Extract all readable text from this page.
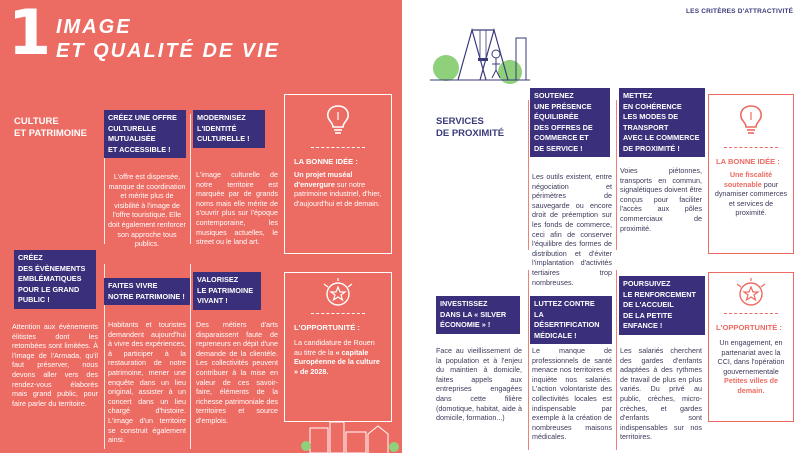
1 IMAGE
ET QUALITÉ DE VIE
CULTURE
ET PATRIMOINE
CRÉEZ UNE OFFRE
CULTURELLE
MUTUALISÉE
ET ACCESSIBLE !
MODERNISEZ
L'IDENTITÉ
CULTURELLE !
L'offre est dispersée, manque de coordination et mérite plus de visibilité à l'image de l'offre touristique. Elle doit également renforcer son approche tous publics.
L'image culturelle de notre territoire est marquée par de grands noms mais elle mérite de s'ouvrir plus sur l'époque contemporaine, les musiques actuelles, le street ou le land art.
LA BONNE IDÉE :
Un projet muséal d'envergure sur notre patrimoine industriel, d'hier, d'aujourd'hui et de demain.
CRÉEZ
DES ÉVÈNEMENTS
EMBLÉMATIQUES
POUR LE GRAND
PUBLIC !
FAITES VIVRE
NOTRE PATRIMOINE !
VALORISEZ
LE PATRIMOINE
VIVANT !
Attention aux évènements élitistes dont les retombées sont limitées. À l'image de l'Armada, qu'il faut préserver, nous devons aller vers des rendez-vous élaborés mais grand public, pour faire parler du territoire.
Habitants et touristes demandent aujourd'hui à vivre des expériences, à participer à la restauration de notre patrimoine, mener une enquête dans un lieu original, assister à un concert dans un lieu chargé d'histoire. L'image d'un territoire se construit également ainsi.
Des métiers d'arts disparaissent faute de repreneurs en dépit d'une demande de la clientèle. Les collectivités peuvent contribuer à la mise en valeur de ces savoir-faire, éléments de la richesse patrimoniale des territoires et source d'emplois.
L'OPPORTUNITÉ :
La candidature de Rouen au titre de la « capitale Européenne de la culture » de 2028.
LES CRITÈRES D'ATTRACTIVITÉ
SERVICES
DE PROXIMITÉ
SOUTENEZ
UNE PRÉSENCE
ÉQUILIBRÉE
DES OFFRES DE
COMMERCE ET
DE SERVICE !
METTEZ
EN COHÉRENCE
LES MODES DE
TRANSPORT
AVEC LE COMMERCE
DE PROXIMITÉ !
Les outils existent, entre négociation et périmètres de sauvegarde ou encore droit de préemption sur les fonds de commerce, ceci afin de conserver l'équilibre des formes de distribution et d'éviter l'implantation d'activités tertiaires trop nombreuses.
Voies piétonnes, transports en commun, signalétiques doivent être conçus pour faciliter l'accès aux pôles commerciaux de proximité.
LA BONNE IDÉE :
Une fiscalité soutenable pour dynamiser commerces et services de proximité.
INVESTISSEZ
DANS LA « SILVER
ÉCONOMIE » !
LUTTEZ CONTRE
LA DÉSERTIFICATION
MÉDICALE !
POURSUIVEZ
LE RENFORCEMENT
DE L'ACCUEIL
DE LA PETITE
ENFANCE !
Face au vieillissement de la population et à l'enjeu du maintien à domicile, faites appels aux entreprises engagées dans cette filière (domotique, habitat, aide à domicile, formation...)
Le manque de professionnels de santé menace nos territoires et inquiète nos salariés. L'action volontariste des collectivités locales est indispensable par exemple à la création de nombreuses maisons médicales.
Les salariés cherchent des gardes d'enfants adaptées à des rythmes de travail de plus en plus variés. Du privé au public, crèches, micro-crèches, et gardes d'enfants sont indispensables sur nos territoires.
L'OPPORTUNITÉ :
Un engagement, en partenariat avec la CCI, dans l'opération gouvernementale Petites villes de demain.
